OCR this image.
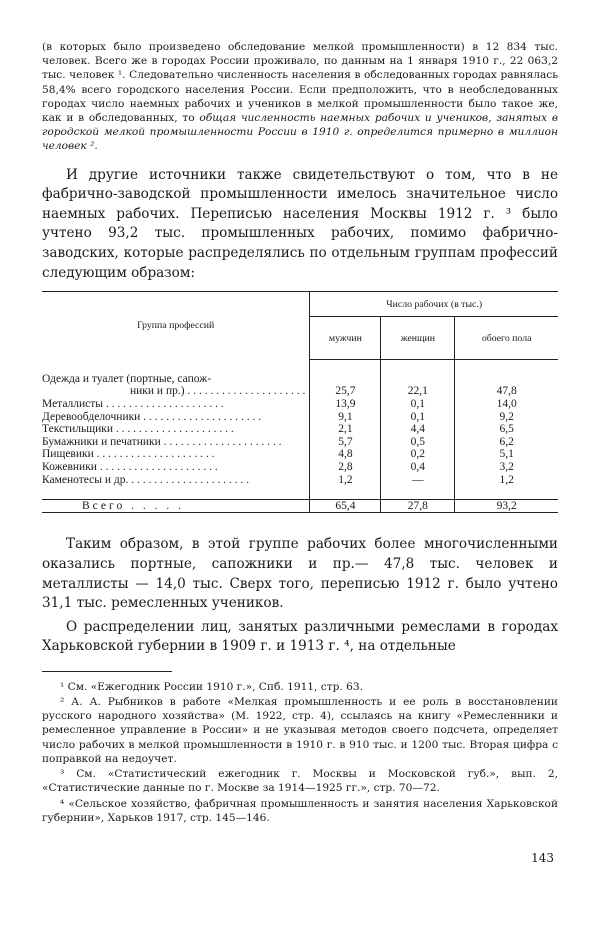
(в которых было произведено обследование мелкой промышленности) в 12 834 тыс. человек. Всего же в городах России проживало, по данным на 1 января 1910 г., 22 063,2 тыс. человек ¹. Следовательно численность населения в обследованных городах равнялась 58,4% всего городского населения России. Если предположить, что в необследованных городах число наемных рабочих и учеников в мелкой промышленности было такое же, как и в обследованных, то общая численность наемных рабочих и учеников, занятых в городской мелкой промышленности России в 1910 г. определится примерно в миллион человек ².

И другие источники также свидетельствуют о том, что в не фабрично-заводской промышленности имелось значительное число наемных рабочих. Переписью населения Москвы 1912 г. ³ было учтено 93,2 тыс. промышленных рабочих, помимо фабрично-заводских, которые распределялись по отдельным группам профессий следующим образом:

Группа профессий	Число рабочих (в тыс.)		
	мужчин	женщин	обоего пола

Одежда и туалет (портные, сапож-			
ники и пр.) . . .	25,7	22,1	47,8
Металлисты . . .	13,9	0,1	14,0
Деревообделочники . . .	9,1	0,1	9,2
Текстильщики . . .	2,1	4,4	6,5
Бумажники и печатники . . .	5,7	0,5	6,2
Пищевики . . .	4,8	0,2	5,1
Кожевники . . .	2,8	0,4	3,2
Каменотесы и др. . . .	1,2	—	1,2

Всего . . . . .	65,4	27,8	93,2

Таким образом, в этой группе рабочих более многочисленными оказались портные, сапожники и пр.— 47,8 тыс. человек и металлисты — 14,0 тыс. Сверх того, переписью 1912 г. было учтено 31,1 тыс. ремесленных учеников.

О распределении лиц, занятых различными ремеслами в городах Харьковской губернии в 1909 г. и 1913 г. ⁴, на отдельные

¹ См. «Ежегодник России 1910 г.», Спб. 1911, стр. 63.

² А. А. Рыбников в работе «Мелкая промышленность и ее роль в восстановлении русского народного хозяйства» (М. 1922, стр. 4), ссылаясь на книгу «Ремесленники и ремесленное управление в России» и не указывая методов своего подсчета, определяет число рабочих в мелкой промышленности в 1910 г. в 910 тыс. и 1200 тыс. Вторая цифра с поправкой на недоучет.

³ См. «Статистический ежегодник г. Москвы и Московской губ.», вып. 2, «Статистические данные по г. Москве за 1914—1925 гг.», стр. 70—72.

⁴ «Сельское хозяйство, фабричная промышленность и занятия населения Харьковской губернии», Харьков 1917, стр. 145—146.

143
